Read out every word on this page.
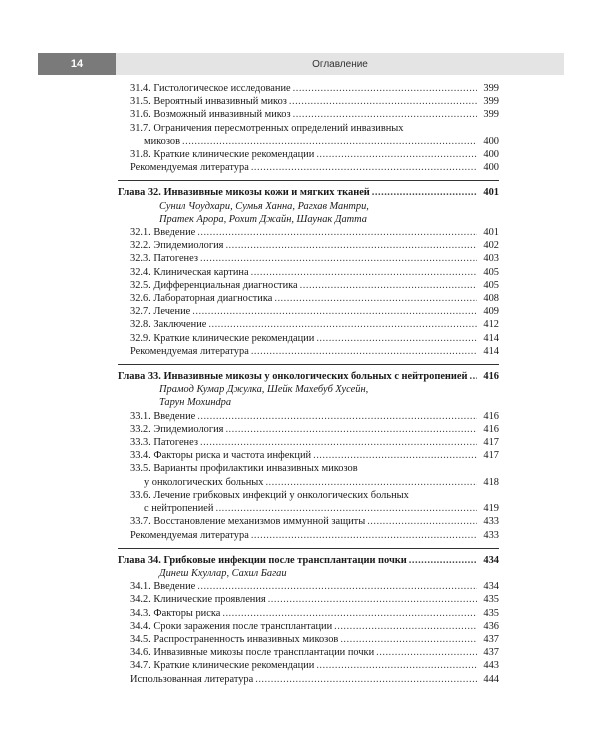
14	Оглавление
31.4. Гистологическое исследование .....	399
31.5. Вероятный инвазивный микоз .....	399
31.6. Возможный инвазивный микоз .....	399
31.7. Ограничения пересмотренных определений инвазивных
микозов .....	400
31.8. Краткие клинические рекомендации .....	400
Рекомендуемая литература .....	400
Глава 32. Инвазивные микозы кожи и мягких тканей .....	401
Сунил Чоудхари, Сумья Ханна, Рагхав Мантри,
Пратек Арора, Рохит Джайн, Шаунак Датта
32.1. Введение .....	401
32.2. Эпидемиология .....	402
32.3. Патогенез .....	403
32.4. Клиническая картина .....	405
32.5. Дифференциальная диагностика .....	405
32.6. Лабораторная диагностика .....	408
32.7. Лечение .....	409
32.8. Заключение .....	412
32.9. Краткие клинические рекомендации .....	414
Рекомендуемая литература .....	414
Глава 33. Инвазивные микозы у онкологических больных с нейтропенией .....	416
Прамод Кумар Джулка, Шейк Махебуб Хусейн,
Тарун Мохинdра
33.1. Введение .....	416
33.2. Эпидемиология .....	416
33.3. Патогенез .....	417
33.4. Факторы риска и частота инфекций .....	417
33.5. Варианты профилактики инвазивных микозов
у онкологических больных .....	418
33.6. Лечение грибковых инфекций у онкологических больных
с нейтропенией .....	419
33.7. Восстановление механизмов иммунной защиты .....	433
Рекомендуемая литература .....	433
Глава 34. Грибковые инфекции после трансплантации почки .....	434
Динеш Кхуллар, Сахил Багаи
34.1. Введение .....	434
34.2. Клинические проявления .....	435
34.3. Факторы риска .....	435
34.4. Сроки заражения после трансплантации .....	436
34.5. Распространенность инвазивных микозов .....	437
34.6. Инвазивные микозы после трансплантации почки .....	437
34.7. Краткие клинические рекомендации .....	443
Использованная литература .....	444
